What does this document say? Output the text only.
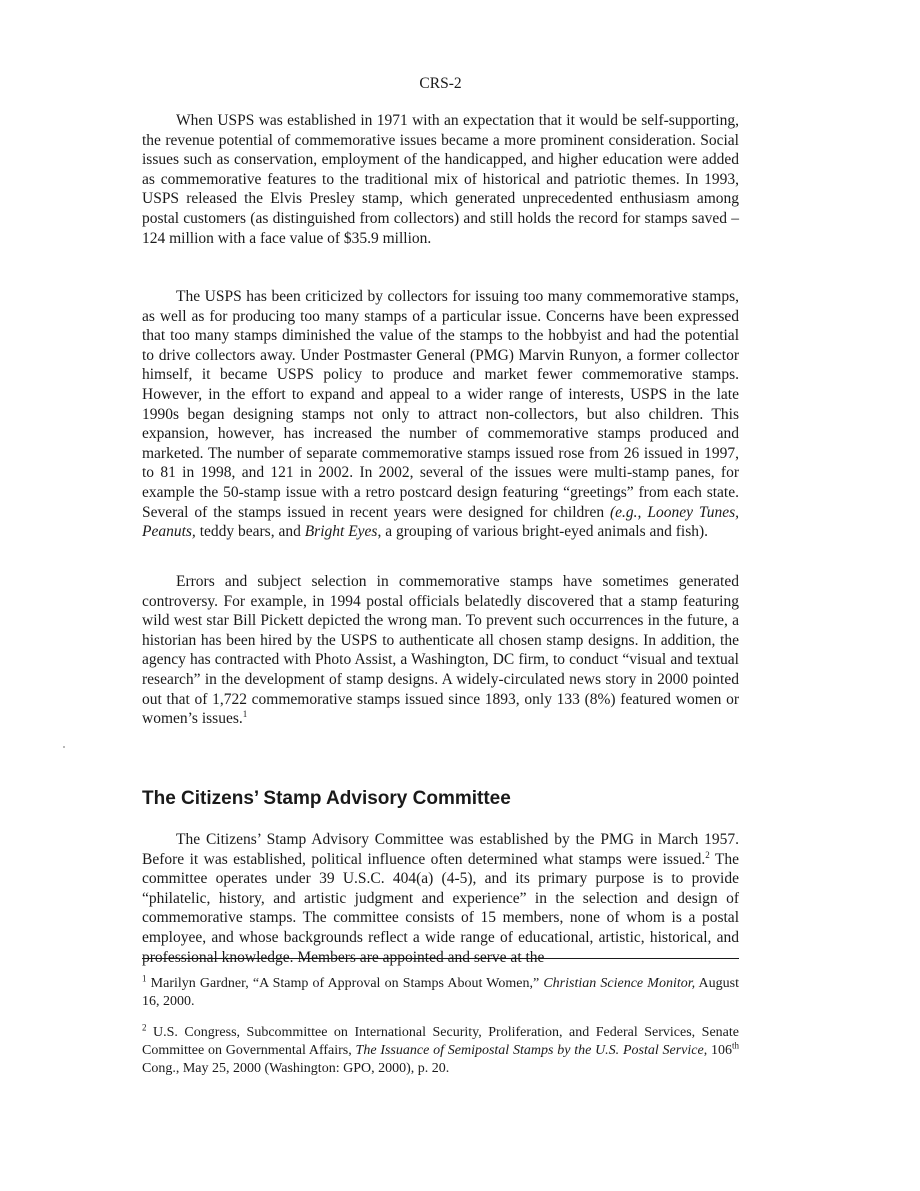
CRS-2

When USPS was established in 1971 with an expectation that it would be self-supporting, the revenue potential of commemorative issues became a more prominent consideration. Social issues such as conservation, employment of the handicapped, and higher education were added as commemorative features to the traditional mix of historical and patriotic themes. In 1993, USPS released the Elvis Presley stamp, which generated unprecedented enthusiasm among postal customers (as distinguished from collectors) and still holds the record for stamps saved – 124 million with a face value of $35.9 million.

The USPS has been criticized by collectors for issuing too many commemorative stamps, as well as for producing too many stamps of a particular issue. Concerns have been expressed that too many stamps diminished the value of the stamps to the hobbyist and had the potential to drive collectors away. Under Postmaster General (PMG) Marvin Runyon, a former collector himself, it became USPS policy to produce and market fewer commemorative stamps. However, in the effort to expand and appeal to a wider range of interests, USPS in the late 1990s began designing stamps not only to attract non-collectors, but also children. This expansion, however, has increased the number of commemorative stamps produced and marketed. The number of separate commemorative stamps issued rose from 26 issued in 1997, to 81 in 1998, and 121 in 2002. In 2002, several of the issues were multi-stamp panes, for example the 50-stamp issue with a retro postcard design featuring “greetings” from each state. Several of the stamps issued in recent years were designed for children (e.g., Looney Tunes, Peanuts, teddy bears, and Bright Eyes, a grouping of various bright-eyed animals and fish).

Errors and subject selection in commemorative stamps have sometimes generated controversy. For example, in 1994 postal officials belatedly discovered that a stamp featuring wild west star Bill Pickett depicted the wrong man. To prevent such occurrences in the future, a historian has been hired by the USPS to authenticate all chosen stamp designs. In addition, the agency has contracted with Photo Assist, a Washington, DC firm, to conduct “visual and textual research” in the development of stamp designs. A widely-circulated news story in 2000 pointed out that of 1,722 commemorative stamps issued since 1893, only 133 (8%) featured women or women’s issues.$^1$

The Citizens’ Stamp Advisory Committee

The Citizens’ Stamp Advisory Committee was established by the PMG in March 1957. Before it was established, political influence often determined what stamps were issued.$^2$ The committee operates under 39 U.S.C. 404(a) (4-5), and its primary purpose is to provide “philatelic, history, and artistic judgment and experience” in the selection and design of commemorative stamps. The committee consists of 15 members, none of whom is a postal employee, and whose backgrounds reflect a wide range of educational, artistic, historical, and professional knowledge. Members are appointed and serve at the

$^1$ Marilyn Gardner, “A Stamp of Approval on Stamps About Women,” Christian Science Monitor, August 16, 2000.

$^2$ U.S. Congress, Subcommittee on International Security, Proliferation, and Federal Services, Senate Committee on Governmental Affairs, The Issuance of Semipostal Stamps by the U.S. Postal Service, 106th Cong., May 25, 2000 (Washington: GPO, 2000), p. 20.
